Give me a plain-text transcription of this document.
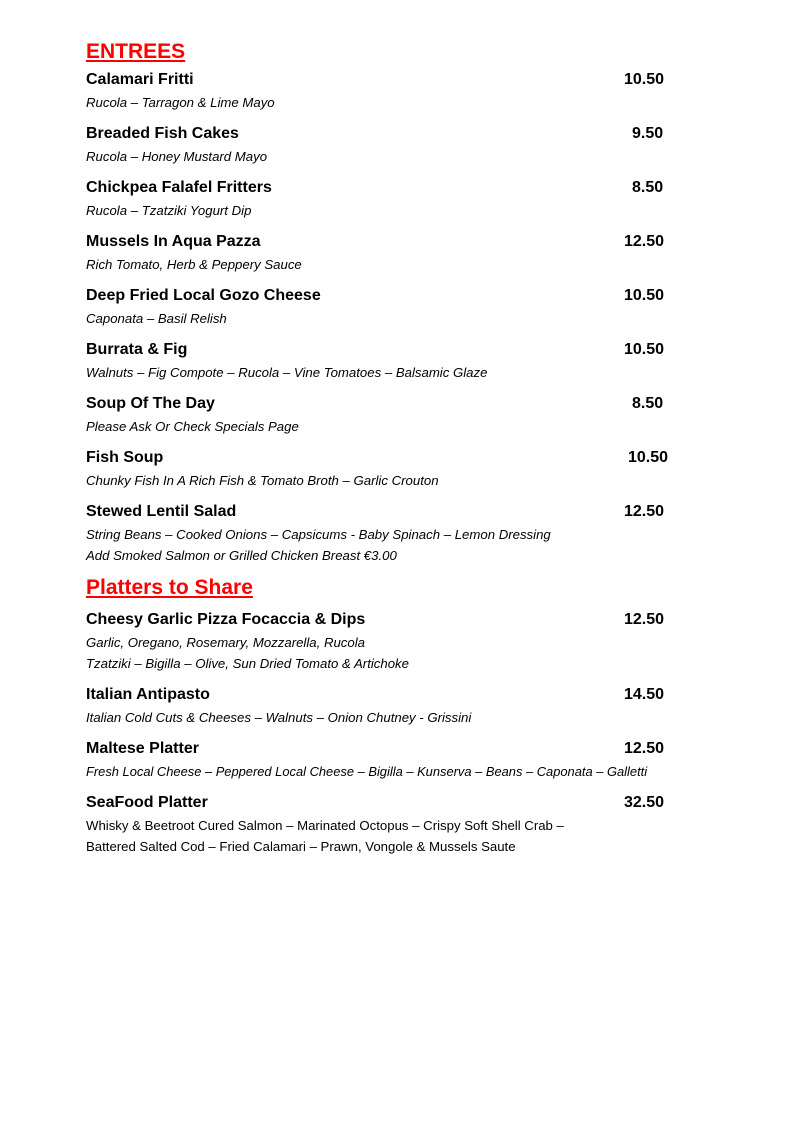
ENTREES
Calamari Fritti	10.50
Rucola – Tarragon & Lime Mayo
Breaded Fish Cakes	9.50
Rucola – Honey Mustard Mayo
Chickpea Falafel Fritters	8.50
Rucola – Tzatziki Yogurt Dip
Mussels In Aqua Pazza	12.50
Rich Tomato, Herb & Peppery Sauce
Deep Fried Local Gozo Cheese	10.50
Caponata – Basil Relish
Burrata & Fig	10.50
Walnuts – Fig Compote – Rucola – Vine Tomatoes – Balsamic Glaze
Soup Of The Day	8.50
Please Ask Or Check Specials Page
Fish Soup	10.50
Chunky Fish In A Rich Fish & Tomato Broth – Garlic Crouton
Stewed Lentil Salad	12.50
String Beans – Cooked Onions – Capsicums - Baby Spinach – Lemon Dressing
Add Smoked Salmon or Grilled Chicken Breast €3.00
Platters to Share
Cheesy Garlic Pizza Focaccia & Dips	12.50
Garlic, Oregano, Rosemary, Mozzarella, Rucola
Tzatziki – Bigilla – Olive, Sun Dried Tomato & Artichoke
Italian Antipasto	14.50
Italian Cold Cuts & Cheeses – Walnuts – Onion Chutney - Grissini
Maltese Platter	12.50
Fresh Local Cheese – Peppered Local Cheese – Bigilla – Kunserva – Beans – Caponata – Galletti
SeaFood Platter	32.50
Whisky & Beetroot Cured Salmon – Marinated Octopus – Crispy Soft Shell Crab –
Battered Salted Cod – Fried Calamari – Prawn, Vongole & Mussels Saute
